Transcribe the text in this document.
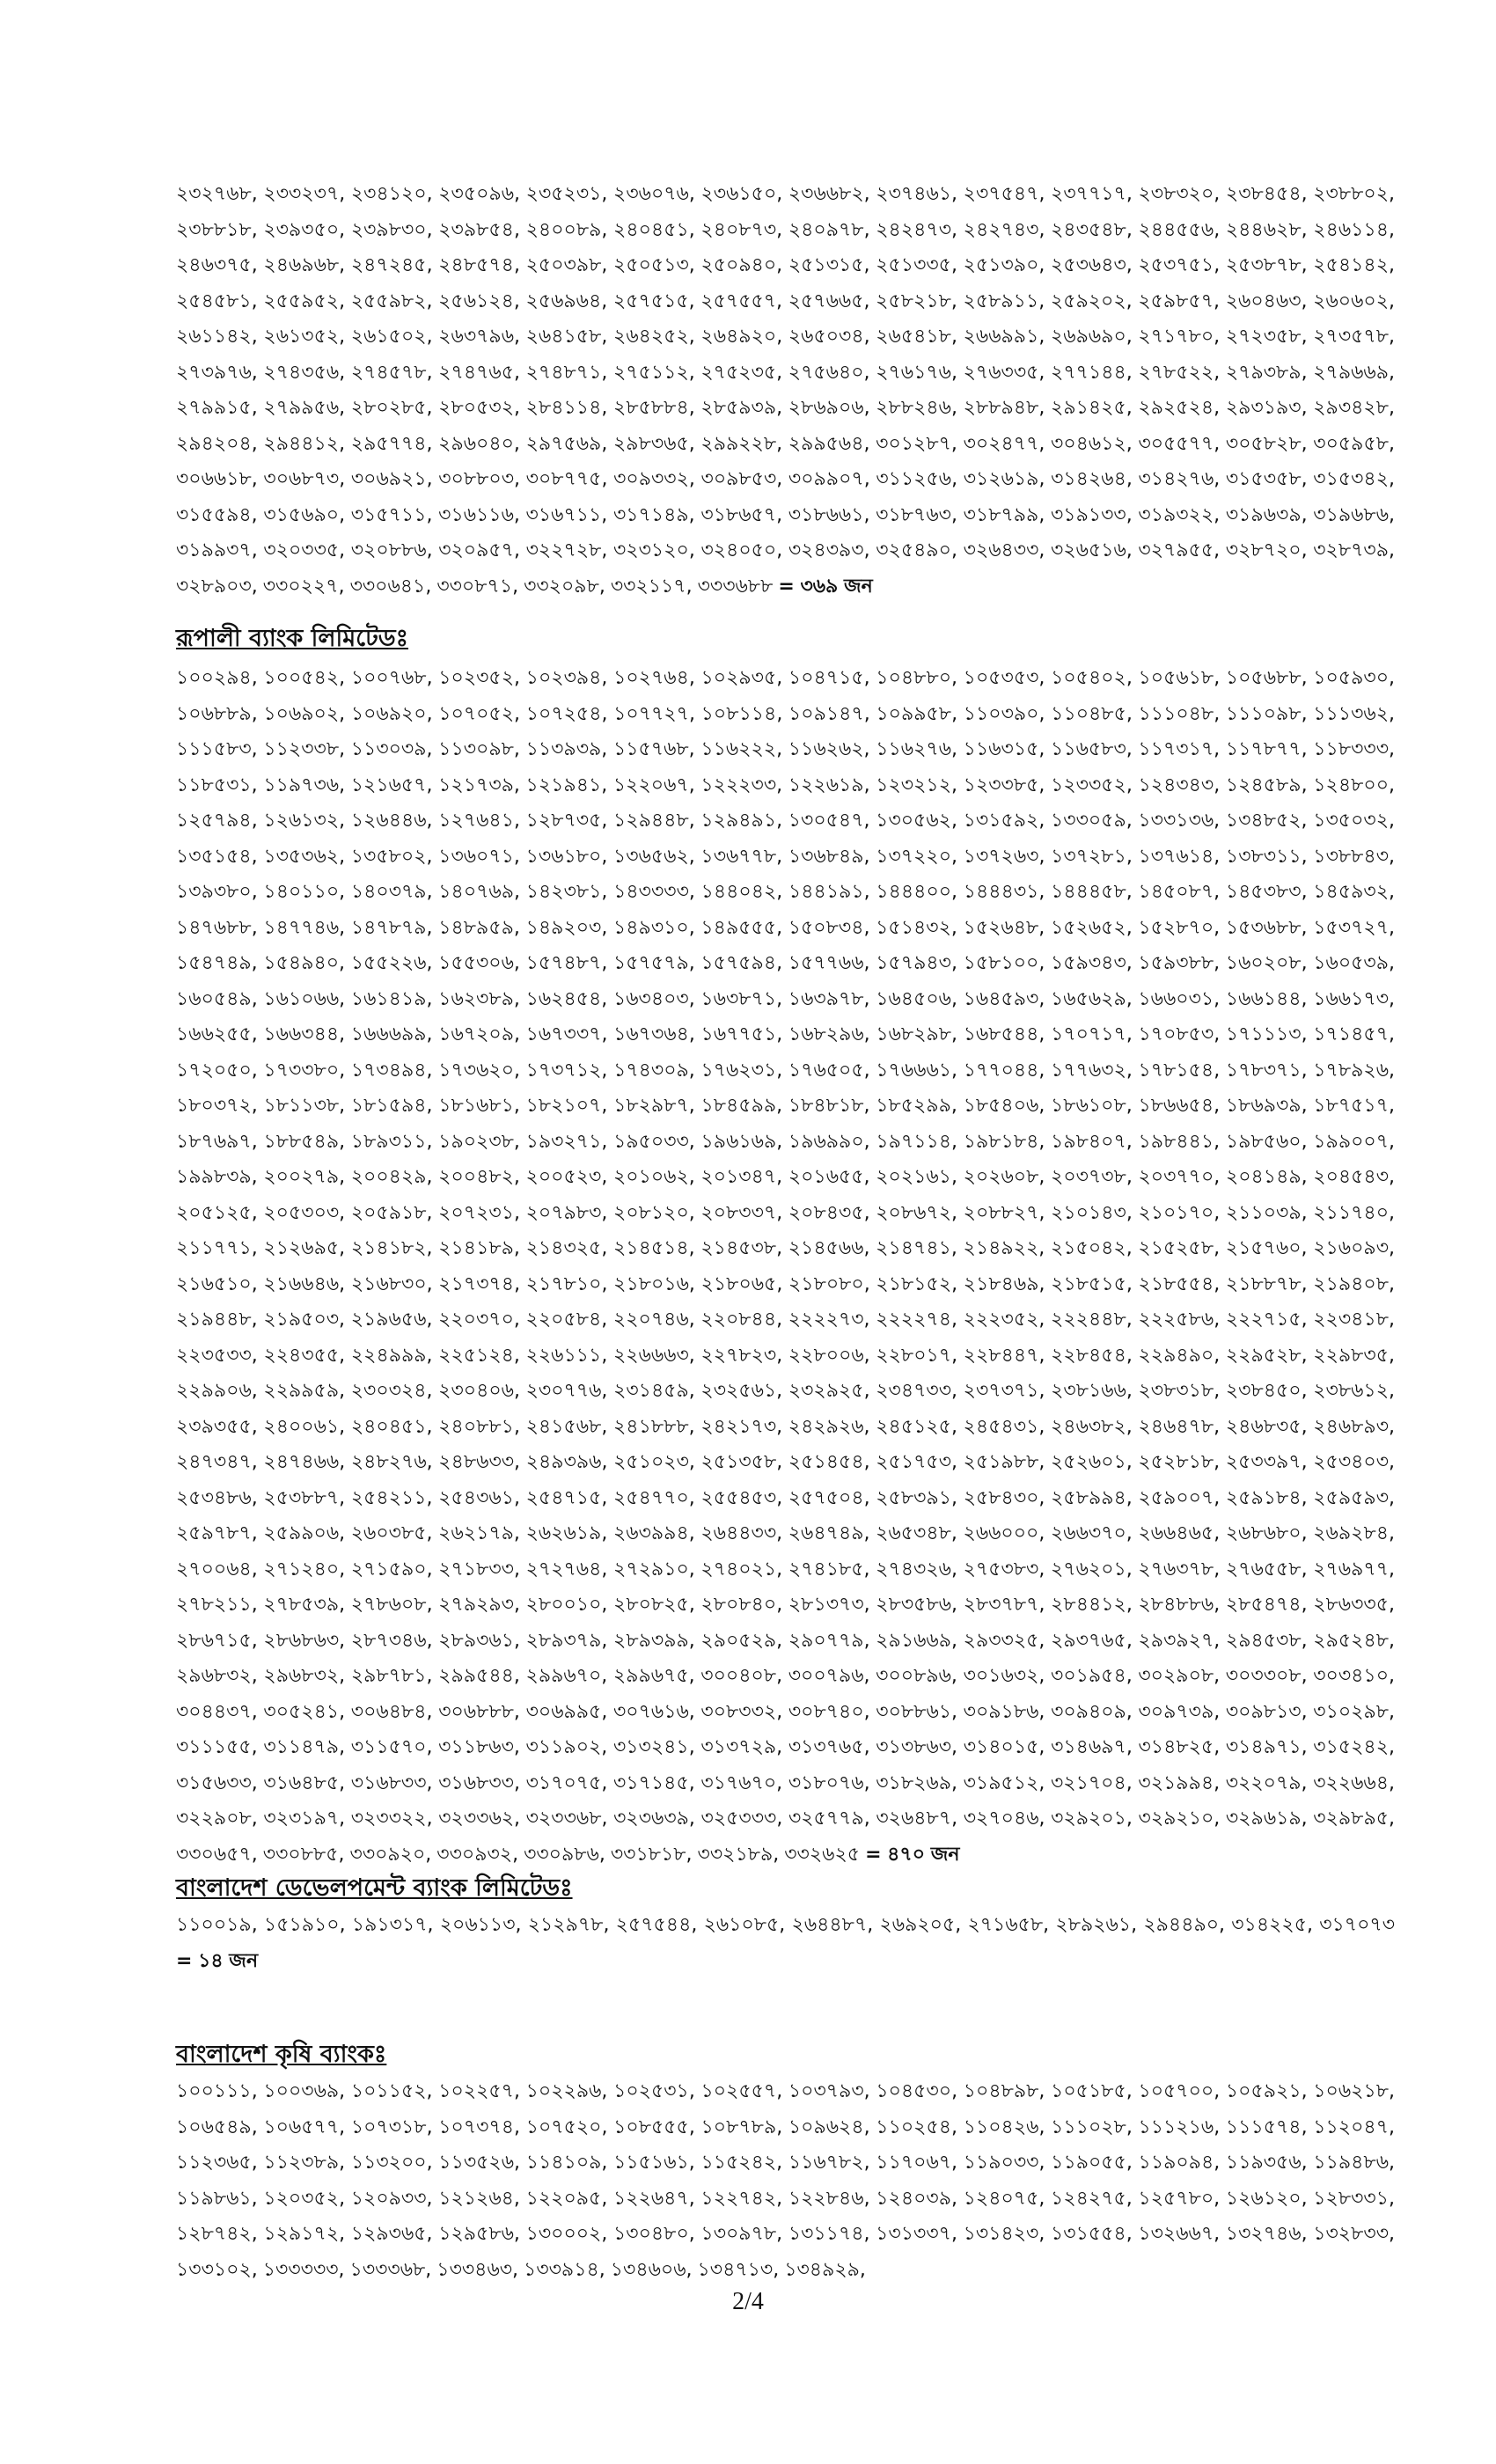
২৩২৭৬৮, ২৩৩২৩৭, ২৩৪১২০, ২৩৫০৯৬, ২৩৫২৩১, ২৩৬০৭৬, ২৩৬১৫০, ২৩৬৬৮২, ২৩৭৪৬১, ২৩৭৫৪৭, ২৩৭৭১৭, ২৩৮৩২০, ২৩৮৪৫৪, ২৩৮৮০২, ২৩৮৮১৮, ২৩৯৩৫০, ২৩৯৮৩০, ২৩৯৮৫৪, ২৪০০৮৯, ২৪০৪৫১, ২৪০৮৭৩, ২৪০৯৭৮, ২৪২৪৭৩, ২৪২৭৪৩, ২৪৩৫৪৮, ২৪৪৫৫৬, ২৪৪৬২৮, ২৪৬১১৪, ২৪৬৩৭৫, ২৪৬৯৬৮, ২৪৭২৪৫, ২৪৮৫৭৪, ২৫০৩৯৮, ২৫০৫১৩, ২৫০৯৪০, ২৫১৩১৫, ২৫১৩৩৫, ২৫১৩৯০, ২৫৩৬৪৩, ২৫৩৭৫১, ২৫৩৮৭৮, ২৫৪১৪২, ২৫৪৫৮১, ২৫৫৯৫২, ২৫৫৯৮২, ২৫৬১২৪, ২৫৬৯৬৪, ২৫৭৫১৫, ২৫৭৫৫৭, ২৫৭৬৬৫, ২৫৮২১৮, ২৫৮৯১১, ২৫৯২০২, ২৫৯৮৫৭, ২৬০৪৬৩, ২৬০৬০২, ২৬১১৪২, ২৬১৩৫২, ২৬১৫০২, ২৬৩৭৯৬, ২৬৪১৫৮, ২৬৪২৫২, ২৬৪৯২০, ২৬৫০৩৪, ২৬৫৪১৮, ২৬৬৯৯১, ২৬৯৬৯০, ২৭১৭৮০, ২৭২৩৫৮, ২৭৩৫৭৮, ২৭৩৯৭৬, ২৭৪৩৫৬, ২৭৪৫৭৮, ২৭৪৭৬৫, ২৭৪৮৭১, ২৭৫১১২, ২৭৫২৩৫, ২৭৫৬৪০, ২৭৬১৭৬, ২৭৬৩৩৫, ২৭৭১৪৪, ২৭৮৫২২, ২৭৯৩৮৯, ২৭৯৬৬৯, ২৭৯৯১৫, ২৭৯৯৫৬, ২৮০২৮৫, ২৮০৫৩২, ২৮৪১১৪, ২৮৫৮৮৪, ২৮৫৯৩৯, ২৮৬৯০৬, ২৮৮২৪৬, ২৮৮৯৪৮, ২৯১৪২৫, ২৯২৫২৪, ২৯৩১৯৩, ২৯৩৪২৮, ২৯৪২০৪, ২৯৪৪১২, ২৯৫৭৭৪, ২৯৬০৪০, ২৯৭৫৬৯, ২৯৮৩৬৫, ২৯৯২২৮, ২৯৯৫৬৪, ৩০১২৮৭, ৩০২৪৭৭, ৩০৪৬১২, ৩০৫৫৭৭, ৩০৫৮২৮, ৩০৫৯৫৮, ৩০৬৬১৮, ৩০৬৮৭৩, ৩০৬৯২১, ৩০৮৮০৩, ৩০৮৭৭৫, ৩০৯৩৩২, ৩০৯৮৫৩, ৩০৯৯০৭, ৩১১২৫৬, ৩১২৬১৯, ৩১৪২৬৪, ৩১৪২৭৬, ৩১৫৩৫৮, ৩১৫৩৪২, ৩১৫৫৯৪, ৩১৫৬৯০, ৩১৫৭১১, ৩১৬১১৬, ৩১৬৭১১, ৩১৭১৪৯, ৩১৮৬৫৭, ৩১৮৬৬১, ৩১৮৭৬৩, ৩১৮৭৯৯, ৩১৯১৩৩, ৩১৯৩২২, ৩১৯৬৩৯, ৩১৯৬৮৬, ৩১৯৯৩৭, ৩২০৩৩৫, ৩২০৮৮৬, ৩২০৯৫৭, ৩২২৭২৮, ৩২৩১২০, ৩২৪০৫০, ৩২৪৩৯৩, ৩২৫৪৯০, ৩২৬৪৩৩, ৩২৬৫১৬, ৩২৭৯৫৫, ৩২৮৭২০, ৩২৮৭৩৯, ৩২৮৯০৩, ৩৩০২২৭, ৩৩০৬৪১, ৩৩০৮৭১, ৩৩২০৯৮, ৩৩২১১৭, ৩৩৩৬৮৮ = ৩৬৯ জন

রূপালী ব্যাংক লিমিটেডঃ

১০০২৯৪, ১০০৫৪২, ১০০৭৬৮, ১০২৩৫২, ১০২৩৯৪, ১০২৭৬৪, ১০২৯৩৫, ১০৪৭১৫, ১০৪৮৮০, ১০৫৩৫৩, ১০৫৪০২, ১০৫৬১৮, ১০৫৬৮৮, ১০৫৯৩০, ১০৬৮৮৯, ১০৬৯০২, ১০৬৯২০, ১০৭০৫২, ১০৭২৫৪, ১০৭৭২৭, ১০৮১১৪, ১০৯১৪৭, ১০৯৯৫৮, ১১০৩৯০, ১১০৪৮৫, ১১১০৪৮, ১১১০৯৮, ১১১৩৬২, ১১১৫৮৩, ১১২৩৩৮, ১১৩০৩৯, ১১৩০৯৮, ১১৩৯৩৯, ১১৫৭৬৮, ১১৬২২২, ১১৬২৬২, ১১৬২৭৬, ১১৬৩১৫, ১১৬৫৮৩, ১১৭৩১৭, ১১৭৮৭৭, ১১৮৩৩৩, ১১৮৫৩১, ১১৯৭৩৬, ১২১৬৫৭, ১২১৭৩৯, ১২১৯৪১, ১২২০৬৭, ১২২২৩৩, ১২২৬১৯, ১২৩২১২, ১২৩৩৮৫, ১২৩৩৫২, ১২৪৩৪৩, ১২৪৫৮৯, ১২৪৮০০, ১২৫৭৯৪, ১২৬১৩২, ১২৬৪৪৬, ১২৭৬৪১, ১২৮৭৩৫, ১২৯৪৪৮, ১২৯৪৯১, ১৩০৫৪৭, ১৩০৫৬২, ১৩১৫৯২, ১৩৩০৫৯, ১৩৩১৩৬, ১৩৪৮৫২, ১৩৫০৩২, ১৩৫১৫৪, ১৩৫৩৬২, ১৩৫৮০২, ১৩৬০৭১, ১৩৬১৮০, ১৩৬৫৬২, ১৩৬৭৭৮, ১৩৬৮৪৯, ১৩৭২২০, ১৩৭২৬৩, ১৩৭২৮১, ১৩৭৬১৪, ১৩৮৩১১, ১৩৮৮৪৩, ১৩৯৩৮০, ১৪০১১০, ১৪০৩৭৯, ১৪০৭৬৯, ১৪২৩৮১, ১৪৩৩৩৩, ১৪৪০৪২, ১৪৪১৯১, ১৪৪৪০০, ১৪৪৪৩১, ১৪৪৪৫৮, ১৪৫০৮৭, ১৪৫৩৮৩, ১৪৫৯৩২, ১৪৭৬৮৮, ১৪৭৭৪৬, ১৪৭৮৭৯, ১৪৮৯৫৯, ১৪৯২০৩, ১৪৯৩১০, ১৪৯৫৫৫, ১৫০৮৩৪, ১৫১৪৩২, ১৫২৬৪৮, ১৫২৬৫২, ১৫২৮৭০, ১৫৩৬৮৮, ১৫৩৭২৭, ১৫৪৭৪৯, ১৫৪৯৪০, ১৫৫২২৬, ১৫৫৩০৬, ১৫৭৪৮৭, ১৫৭৫৭৯, ১৫৭৫৯৪, ১৫৭৭৬৬, ১৫৭৯৪৩, ১৫৮১০০, ১৫৯৩৪৩, ১৫৯৩৮৮, ১৬০২০৮, ১৬০৫৩৯, ১৬০৫৪৯, ১৬১০৬৬, ১৬১৪১৯, ১৬২৩৮৯, ১৬২৪৫৪, ১৬৩৪০৩, ১৬৩৮৭১, ১৬৩৯৭৮, ১৬৪৫০৬, ১৬৪৫৯৩, ১৬৫৬২৯, ১৬৬০৩১, ১৬৬১৪৪, ১৬৬১৭৩, ১৬৬২৫৫, ১৬৬৩৪৪, ১৬৬৬৯৯, ১৬৭২০৯, ১৬৭৩৩৭, ১৬৭৩৬৪, ১৬৭৭৫১, ১৬৮২৯৬, ১৬৮২৯৮, ১৬৮৫৪৪, ১৭০৭১৭, ১৭০৮৫৩, ১৭১১১৩, ১৭১৪৫৭, ১৭২০৫০, ১৭৩৩৮০, ১৭৩৪৯৪, ১৭৩৬২০, ১৭৩৭১২, ১৭৪৩০৯, ১৭৬২৩১, ১৭৬৫০৫, ১৭৬৬৬১, ১৭৭০৪৪, ১৭৭৬৩২, ১৭৮১৫৪, ১৭৮৩৭১, ১৭৮৯২৬, ১৮০৩৭২, ১৮১১৩৮, ১৮১৫৯৪, ১৮১৬৮১, ১৮২১০৭, ১৮২৯৮৭, ১৮৪৫৯৯, ১৮৪৮১৮, ১৮৫২৯৯, ১৮৫৪০৬, ১৮৬১০৮, ১৮৬৬৫৪, ১৮৬৯৩৯, ১৮৭৫১৭, ১৮৭৬৯৭, ১৮৮৫৪৯, ১৮৯৩১১, ১৯০২৩৮, ১৯৩২৭১, ১৯৫০৩৩, ১৯৬১৬৯, ১৯৬৯৯০, ১৯৭১১৪, ১৯৮১৮৪, ১৯৮৪০৭, ১৯৮৪৪১, ১৯৮৫৬০, ১৯৯০০৭, ১৯৯৮৩৯, ২০০২৭৯, ২০০৪২৯, ২০০৪৮২, ২০০৫২৩, ২০১০৬২, ২০১৩৪৭, ২০১৬৫৫, ২০২১৬১, ২০২৬০৮, ২০৩৭৩৮, ২০৩৭৭০, ২০৪১৪৯, ২০৪৫৪৩, ২০৫১২৫, ২০৫৩০৩, ২০৫৯১৮, ২০৭২৩১, ২০৭৯৮৩, ২০৮১২০, ২০৮৩৩৭, ২০৮৪৩৫, ২০৮৬৭২, ২০৮৮২৭, ২১০১৪৩, ২১০১৭০, ২১১০৩৯, ২১১৭৪০, ২১১৭৭১, ২১২৬৯৫, ২১৪১৮২, ২১৪১৮৯, ২১৪৩২৫, ২১৪৫১৪, ২১৪৫৩৮, ২১৪৫৬৬, ২১৪৭৪১, ২১৪৯২২, ২১৫০৪২, ২১৫২৫৮, ২১৫৭৬০, ২১৬০৯৩, ২১৬৫১০, ২১৬৬৪৬, ২১৬৮৩০, ২১৭৩৭৪, ২১৭৮১০, ২১৮০১৬, ২১৮০৬৫, ২১৮০৮০, ২১৮১৫২, ২১৮৪৬৯, ২১৮৫১৫, ২১৮৫৫৪, ২১৮৮৭৮, ২১৯৪০৮, ২১৯৪৪৮, ২১৯৫০৩, ২১৯৬৫৬, ২২০৩৭০, ২২০৫৮৪, ২২০৭৪৬, ২২০৮৪৪, ২২২২৭৩, ২২২২৭৪, ২২২৩৫২, ২২২৪৪৮, ২২২৫৮৬, ২২২৭১৫, ২২৩৪১৮, ২২৩৫৩৩, ২২৪৩৫৫, ২২৪৯৯৯, ২২৫১২৪, ২২৬১১১, ২২৬৬৬৩, ২২৭৮২৩, ২২৮০০৬, ২২৮০১৭, ২২৮৪৪৭, ২২৮৪৫৪, ২২৯৪৯০, ২২৯৫২৮, ২২৯৮৩৫, ২২৯৯০৬, ২২৯৯৫৯, ২৩০৩২৪, ২৩০৪০৬, ২৩০৭৭৬, ২৩১৪৫৯, ২৩২৫৬১, ২৩২৯২৫, ২৩৪৭৩৩, ২৩৭৩৭১, ২৩৮১৬৬, ২৩৮৩১৮, ২৩৮৪৫০, ২৩৮৬১২, ২৩৯৩৫৫, ২৪০০৬১, ২৪০৪৫১, ২৪০৮৮১, ২৪১৫৬৮, ২৪১৮৮৮, ২৪২১৭৩, ২৪২৯২৬, ২৪৫১২৫, ২৪৫৪৩১, ২৪৬৩৮২, ২৪৬৪৭৮, ২৪৬৮৩৫, ২৪৬৮৯৩, ২৪৭৩৪৭, ২৪৭৪৬৬, ২৪৮২৭৬, ২৪৮৬৩৩, ২৪৯৩৯৬, ২৫১০২৩, ২৫১৩৫৮, ২৫১৪৫৪, ২৫১৭৫৩, ২৫১৯৮৮, ২৫২৬০১, ২৫২৮১৮, ২৫৩৩৯৭, ২৫৩৪০৩, ২৫৩৪৮৬, ২৫৩৮৮৭, ২৫৪২১১, ২৫৪৩৬১, ২৫৪৭১৫, ২৫৪৭৭০, ২৫৫৪৫৩, ২৫৭৫০৪, ২৫৮৩৯১, ২৫৮৪৩০, ২৫৮৯৯৪, ২৫৯০০৭, ২৫৯১৮৪, ২৫৯৫৯৩, ২৫৯৭৮৭, ২৫৯৯০৬, ২৬০৩৮৫, ২৬২১৭৯, ২৬২৬১৯, ২৬৩৯৯৪, ২৬৪৪৩৩, ২৬৪৭৪৯, ২৬৫৩৪৮, ২৬৬০০০, ২৬৬৩৭০, ২৬৬৪৬৫, ২৬৮৬৮০, ২৬৯২৮৪, ২৭০০৬৪, ২৭১২৪০, ২৭১৫৯০, ২৭১৮৩৩, ২৭২৭৬৪, ২৭২৯১০, ২৭৪০২১, ২৭৪১৮৫, ২৭৪৩২৬, ২৭৫৩৮৩, ২৭৬২০১, ২৭৬৩৭৮, ২৭৬৫৫৮, ২৭৬৯৭৭, ২৭৮২১১, ২৭৮৫৩৯, ২৭৮৬০৮, ২৭৯২৯৩, ২৮০০১০, ২৮০৮২৫, ২৮০৮৪০, ২৮১৩৭৩, ২৮৩৫৮৬, ২৮৩৭৮৭, ২৮৪৪১২, ২৮৪৮৮৬, ২৮৫৪৭৪, ২৮৬৩৩৫, ২৮৬৭১৫, ২৮৬৮৬৩, ২৮৭৩৪৬, ২৮৯৩৬১, ২৮৯৩৭৯, ২৮৯৩৯৯, ২৯০৫২৯, ২৯০৭৭৯, ২৯১৬৬৯, ২৯৩৩২৫, ২৯৩৭৬৫, ২৯৩৯২৭, ২৯৪৫৩৮, ২৯৫২৪৮, ২৯৬৮৩২, ২৯৬৮৩২, ২৯৮৭৮১, ২৯৯৫৪৪, ২৯৯৬৭০, ২৯৯৬৭৫, ৩০০৪০৮, ৩০০৭৯৬, ৩০০৮৯৬, ৩০১৬৩২, ৩০১৯৫৪, ৩০২৯০৮, ৩০৩৩০৮, ৩০৩৪১০, ৩০৪৪৩৭, ৩০৫২৪১, ৩০৬৪৮৪, ৩০৬৮৮৮, ৩০৬৯৯৫, ৩০৭৬১৬, ৩০৮৩৩২, ৩০৮৭৪০, ৩০৮৮৬১, ৩০৯১৮৬, ৩০৯৪০৯, ৩০৯৭৩৯, ৩০৯৮১৩, ৩১০২৯৮, ৩১১১৫৫, ৩১১৪৭৯, ৩১১৫৭০, ৩১১৮৬৩, ৩১১৯০২, ৩১৩২৪১, ৩১৩৭২৯, ৩১৩৭৬৫, ৩১৩৮৬৩, ৩১৪০১৫, ৩১৪৬৯৭, ৩১৪৮২৫, ৩১৪৯৭১, ৩১৫২৪২, ৩১৫৬৩৩, ৩১৬৪৮৫, ৩১৬৮৩৩, ৩১৬৮৩৩, ৩১৭০৭৫, ৩১৭১৪৫, ৩১৭৬৭০, ৩১৮০৭৬, ৩১৮২৬৯, ৩১৯৫১২, ৩২১৭০৪, ৩২১৯৯৪, ৩২২০৭৯, ৩২২৬৬৪, ৩২২৯০৮, ৩২৩১৯৭, ৩২৩৩২২, ৩২৩৩৬২, ৩২৩৩৬৮, ৩২৩৬৩৯, ৩২৫৩৩৩, ৩২৫৭৭৯, ৩২৬৪৮৭, ৩২৭০৪৬, ৩২৯২০১, ৩২৯২১০, ৩২৯৬১৯, ৩২৯৮৯৫, ৩৩০৬৫৭, ৩৩০৮৮৫, ৩৩০৯২০, ৩৩০৯৩২, ৩৩০৯৮৬, ৩৩১৮১৮, ৩৩২১৮৯, ৩৩২৬২৫ = ৪৭০ জন

বাংলাদেশ ডেভেলপমেন্ট ব্যাংক লিমিটেডঃ

১১০০১৯, ১৫১৯১০, ১৯১৩১৭, ২০৬১১৩, ২১২৯৭৮, ২৫৭৫৪৪, ২৬১০৮৫, ২৬৪৪৮৭, ২৬৯২০৫, ২৭১৬৫৮, ২৮৯২৬১, ২৯৪৪৯০, ৩১৪২২৫, ৩১৭০৭৩ = ১৪ জন

বাংলাদেশ কৃষি ব্যাংকঃ

১০০১১১, ১০০৩৬৯, ১০১১৫২, ১০২২৫৭, ১০২২৯৬, ১০২৫৩১, ১০২৫৫৭, ১০৩৭৯৩, ১০৪৫৩০, ১০৪৮৯৮, ১০৫১৮৫, ১০৫৭০০, ১০৫৯২১, ১০৬২১৮, ১০৬৫৪৯, ১০৬৫৭৭, ১০৭৩১৮, ১০৭৩৭৪, ১০৭৫২০, ১০৮৫৫৫, ১০৮৭৮৯, ১০৯৬২৪, ১১০২৫৪, ১১০৪২৬, ১১১০২৮, ১১১২১৬, ১১১৫৭৪, ১১২০৪৭, ১১২৩৬৫, ১১২৩৮৯, ১১৩২০০, ১১৩৫২৬, ১১৪১০৯, ১১৫১৬১, ১১৫২৪২, ১১৬৭৮২, ১১৭০৬৭, ১১৯০৩৩, ১১৯০৫৫, ১১৯০৯৪, ১১৯৩৫৬, ১১৯৪৮৬, ১১৯৮৬১, ১২০৩৫২, ১২০৯৩৩, ১২১২৬৪, ১২২০৯৫, ১২২৬৪৭, ১২২৭৪২, ১২২৮৪৬, ১২৪০৩৯, ১২৪০৭৫, ১২৪২৭৫, ১২৫৭৮০, ১২৬১২০, ১২৮৩৩১, ১২৮৭৪২, ১২৯১৭২, ১২৯৩৬৫, ১২৯৫৮৬, ১৩০০০২, ১৩০৪৮০, ১৩০৯৭৮, ১৩১১৭৪, ১৩১৩৩৭, ১৩১৪২৩, ১৩১৫৫৪, ১৩২৬৬৭, ১৩২৭৪৬, ১৩২৮৩৩, ১৩৩১০২, ১৩৩৩৩৩, ১৩৩৩৬৮, ১৩৩৪৬৩, ১৩৩৯১৪, ১৩৪৬০৬, ১৩৪৭১৩, ১৩৪৯২৯,

2/4
